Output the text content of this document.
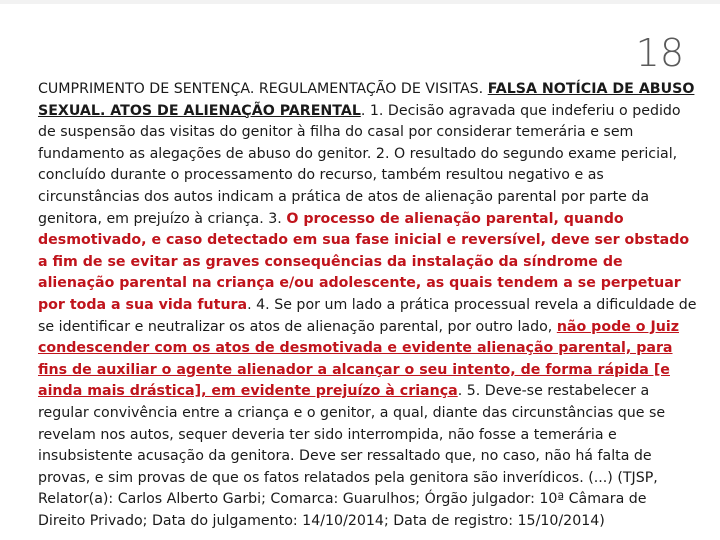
18
CUMPRIMENTO DE SENTENÇA. REGULAMENTAÇÃO DE VISITAS. FALSA NOTÍCIA DE ABUSO SEXUAL. ATOS DE ALIENAÇÃO PARENTAL. 1. Decisão agravada que indeferiu o pedido de suspensão das visitas do genitor à filha do casal por considerar temerária e sem fundamento as alegações de abuso do genitor. 2. O resultado do segundo exame pericial, concluído durante o processamento do recurso, também resultou negativo e as circunstâncias dos autos indicam a prática de atos de alienação parental por parte da genitora, em prejuízo à criança. 3. O processo de alienação parental, quando desmotivado, e caso detectado em sua fase inicial e reversível, deve ser obstado a fim de se evitar as graves consequências da instalação da síndrome de alienação parental na criança e/ou adolescente, as quais tendem a se perpetuar por toda a sua vida futura. 4. Se por um lado a prática processual revela a dificuldade de se identificar e neutralizar os atos de alienação parental, por outro lado, não pode o Juiz condescender com os atos de desmotivada e evidente alienação parental, para fins de auxiliar o agente alienador a alcançar o seu intento, de forma rápida [e ainda mais drástica], em evidente prejuízo à criança. 5. Deve-se restabelecer a regular convivência entre a criança e o genitor, a qual, diante das circunstâncias que se revelam nos autos, sequer deveria ter sido interrompida, não fosse a temerária e insubsistente acusação da genitora. Deve ser ressaltado que, no caso, não há falta de provas, e sim provas de que os fatos relatados pela genitora são inverídicos. (...) (TJSP, Relator(a): Carlos Alberto Garbi; Comarca: Guarulhos; Órgão julgador: 10ª Câmara de Direito Privado; Data do julgamento: 14/10/2014; Data de registro: 15/10/2014)
